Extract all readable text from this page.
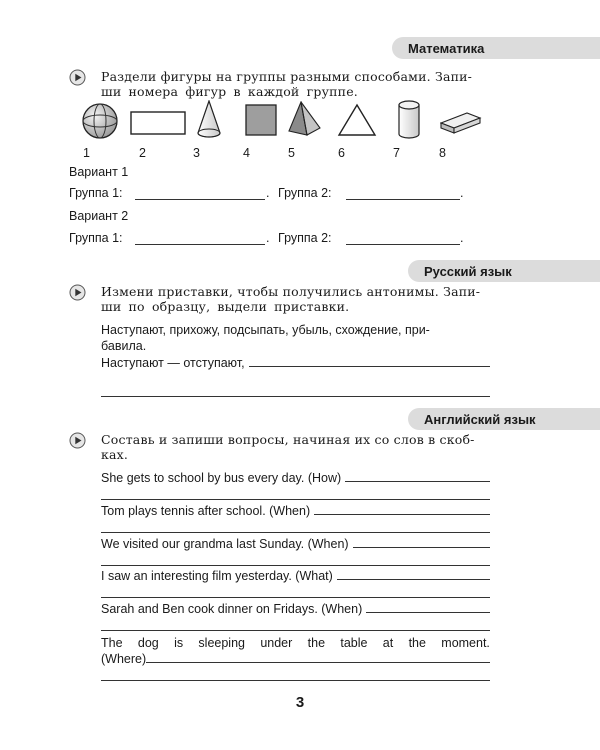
Математика
Раздели фигуры на группы разными способами. Запи-
ши номера фигур в каждой группе.
1	2	3	4	5	6	7	8
Вариант 1
Группа 1:	. Группа 2:	.
Вариант 2
Группа 1:	. Группа 2:	.
Русский язык
Измени приставки, чтобы получились антонимы. Запи-
ши по образцу, выдели приставки.
Наступают, прихожу, подсыпать, убыль, схождение, при-
бавила.
Наступают — отступают,
Английский язык
Составь и запиши вопросы, начиная их со слов в скоб-
ках.
She gets to school by bus every day. (How)
Tom plays tennis after school. (When)
We visited our grandma last Sunday. (When)
I saw an interesting film yesterday. (What)
Sarah and Ben cook dinner on Fridays. (When)
The dog is sleeping under the table at the moment.
(Where)
3
